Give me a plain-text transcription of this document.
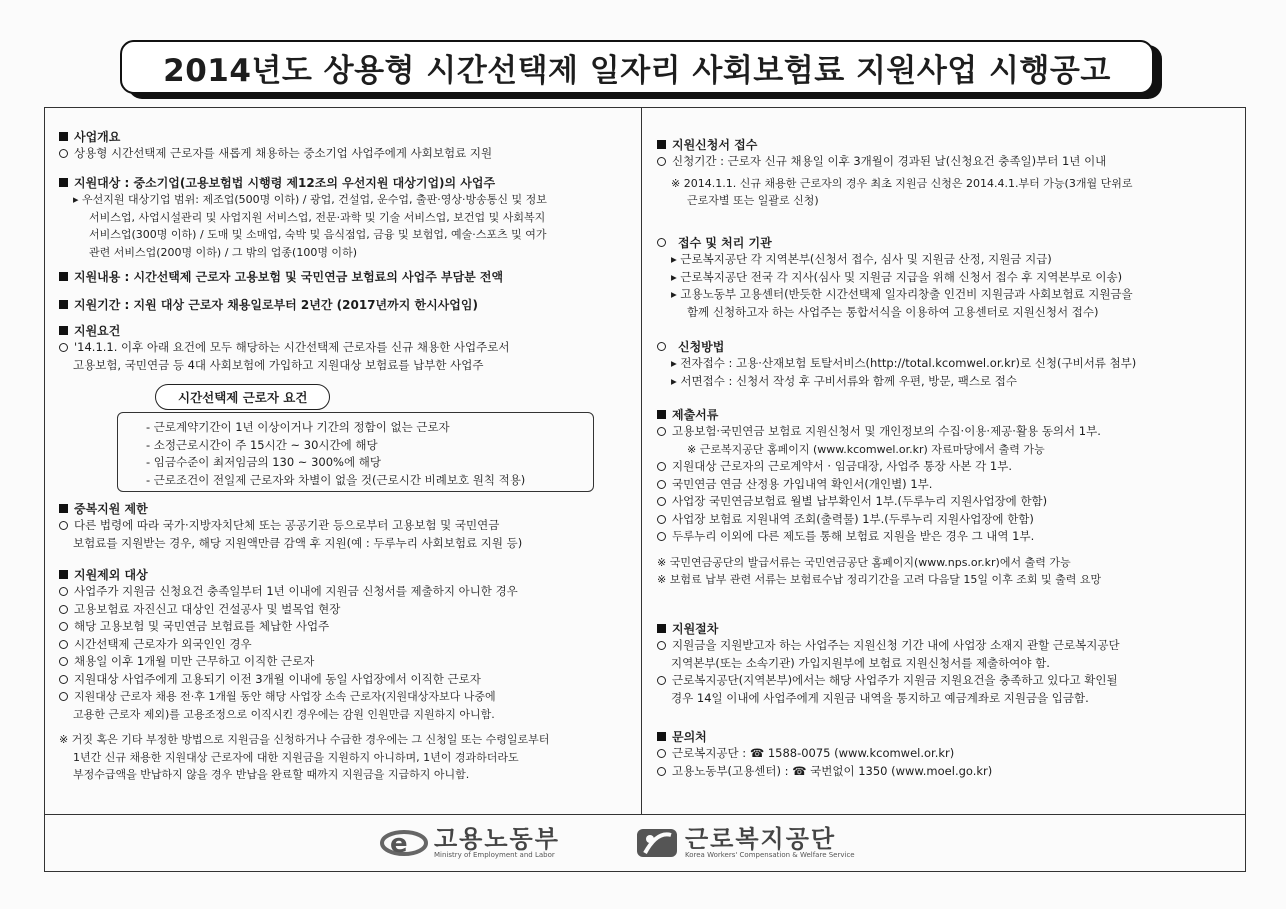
2014년도 상용형 시간선택제 일자리 사회보험료 지원사업 시행공고
사업개요
상용형 시간선택제 근로자를 새롭게 채용하는 중소기업 사업주에게 사회보험료 지원
지원대상 : 중소기업(고용보험법 시행령 제12조의 우선지원 대상기업)의 사업주
▸ 우선지원 대상기업 범위: 제조업(500명 이하) / 광업, 건설업, 운수업, 출판·영상·방송통신 및 정보
서비스업, 사업시설관리 및 사업지원 서비스업, 전문·과학 및 기술 서비스업, 보건업 및 사회복지
서비스업(300명 이하) / 도매 및 소매업, 숙박 및 음식점업, 금융 및 보험업, 예술·스포츠 및 여가
관련 서비스업(200명 이하) / 그 밖의 업종(100명 이하)
지원내용 : 시간선택제 근로자 고용보험 및 국민연금 보험료의 사업주 부담분 전액
지원기간 : 지원 대상 근로자 채용일로부터 2년간 (2017년까지 한시사업임)
지원요건
'14.1.1. 이후 아래 요건에 모두 해당하는 시간선택제 근로자를 신규 채용한 사업주로서
고용보험, 국민연금 등 4대 사회보험에 가입하고 지원대상 보험료를 납부한 사업주
- 근로계약기간이 1년 이상이거나 기간의 정함이 없는 근로자
- 소정근로시간이 주 15시간 ~ 30시간에 해당
- 임금수준이 최저임금의 130 ~ 300%에 해당
- 근로조건이 전일제 근로자와 차별이 없을 것(근로시간 비례보호 원칙 적용)
시간선택제 근로자 요건
중복지원 제한
다른 법령에 따라 국가·지방자치단체 또는 공공기관 등으로부터 고용보험 및 국민연금
보험료를 지원받는 경우, 해당 지원액만큼 감액 후 지원(예 : 두루누리 사회보험료 지원 등)
지원제외 대상
사업주가 지원금 신청요건 충족일부터 1년 이내에 지원금 신청서를 제출하지 아니한 경우
고용보험료 자진신고 대상인 건설공사 및 벌목업 현장
해당 고용보험 및 국민연금 보험료를 체납한 사업주
시간선택제 근로자가 외국인인 경우
채용일 이후 1개월 미만 근무하고 이직한 근로자
지원대상 사업주에게 고용되기 이전 3개월 이내에 동일 사업장에서 이직한 근로자
지원대상 근로자 채용 전·후 1개월 동안 해당 사업장 소속 근로자(지원대상자보다 나중에
고용한 근로자 제외)를 고용조정으로 이직시킨 경우에는 감원 인원만큼 지원하지 아니함.
※ 거짓 혹은 기타 부정한 방법으로 지원금을 신청하거나 수급한 경우에는 그 신청일 또는 수령일로부터
1년간 신규 채용한 지원대상 근로자에 대한 지원금을 지원하지 아니하며, 1년이 경과하더라도
부정수급액을 반납하지 않을 경우 반납을 완료할 때까지 지원금을 지급하지 아니함.
지원신청서 접수
신청기간 : 근로자 신규 채용일 이후 3개월이 경과된 날(신청요건 충족일)부터 1년 이내
※ 2014.1.1. 신규 채용한 근로자의 경우 최초 지원금 신청은 2014.4.1.부터 가능(3개월 단위로
근로자별 또는 일괄로 신청)
접수 및 처리 기관
▸ 근로복지공단 각 지역본부(신청서 접수, 심사 및 지원금 산정, 지원금 지급)
▸ 근로복지공단 전국 각 지사(심사 및 지원금 지급을 위해 신청서 접수 후 지역본부로 이송)
▸ 고용노동부 고용센터(반듯한 시간선택제 일자리창출 인건비 지원금과 사회보험료 지원금을
함께 신청하고자 하는 사업주는 통합서식을 이용하여 고용센터로 지원신청서 접수)
신청방법
▸ 전자접수 : 고용·산재보험 토탈서비스(http://total.kcomwel.or.kr)로 신청(구비서류 첨부)
▸ 서면접수 : 신청서 작성 후 구비서류와 함께 우편, 방문, 팩스로 접수
제출서류
고용보험·국민연금 보험료 지원신청서 및 개인정보의 수집·이용·제공·활용 동의서 1부.
※ 근로복지공단 홈페이지 (www.kcomwel.or.kr) 자료마당에서 출력 가능
지원대상 근로자의 근로계약서 · 임금대장, 사업주 통장 사본 각 1부.
국민연금 연금 산정용 가입내역 확인서(개인별) 1부.
사업장 국민연금보험료 월별 납부확인서 1부.(두루누리 지원사업장에 한함)
사업장 보험료 지원내역 조회(출력물) 1부.(두루누리 지원사업장에 한함)
두루누리 이외에 다른 제도를 통해 보험료 지원을 받은 경우 그 내역 1부.
※ 국민연금공단의 발급서류는 국민연금공단 홈페이지(www.nps.or.kr)에서 출력 가능
※ 보험료 납부 관련 서류는 보험료수납 정리기간을 고려 다음달 15일 이후 조회 및 출력 요망
지원절차
지원금을 지원받고자 하는 사업주는 지원신청 기간 내에 사업장 소재지 관할 근로복지공단
지역본부(또는 소속기관) 가입지원부에 보험료 지원신청서를 제출하여야 함.
근로복지공단(지역본부)에서는 해당 사업주가 지원금 지원요건을 충족하고 있다고 확인될
경우 14일 이내에 사업주에게 지원금 내역을 통지하고 예금계좌로 지원금을 입금함.
문의처
근로복지공단 : ☎ 1588-0075 (www.kcomwel.or.kr)
고용노동부(고용센터) : ☎ 국번없이 1350 (www.moel.go.kr)
e 고용노동부
Ministry of Employment and Labor
근로복지공단
Korea Workers' Compensation & Welfare Service
